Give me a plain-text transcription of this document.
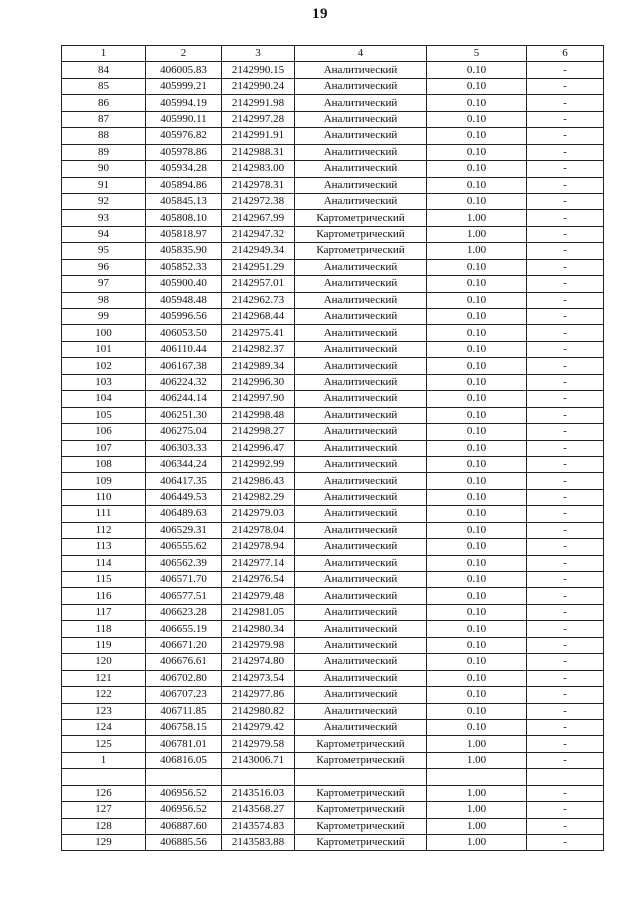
19
1	2	3	4	5	6
84	406005.83	2142990.15	Аналитический	0.10	-
85	405999.21	2142990.24	Аналитический	0.10	-
86	405994.19	2142991.98	Аналитический	0.10	-
87	405990.11	2142997.28	Аналитический	0.10	-
88	405976.82	2142991.91	Аналитический	0.10	-
89	405978.86	2142988.31	Аналитический	0.10	-
90	405934.28	2142983.00	Аналитический	0.10	-
91	405894.86	2142978.31	Аналитический	0.10	-
92	405845.13	2142972.38	Аналитический	0.10	-
93	405808.10	2142967.99	Картометрический	1.00	-
94	405818.97	2142947.32	Картометрический	1.00	-
95	405835.90	2142949.34	Картометрический	1.00	-
96	405852.33	2142951.29	Аналитический	0.10	-
97	405900.40	2142957.01	Аналитический	0.10	-
98	405948.48	2142962.73	Аналитический	0.10	-
99	405996.56	2142968.44	Аналитический	0.10	-
100	406053.50	2142975.41	Аналитический	0.10	-
101	406110.44	2142982.37	Аналитический	0.10	-
102	406167.38	2142989.34	Аналитический	0.10	-
103	406224.32	2142996.30	Аналитический	0.10	-
104	406244.14	2142997.90	Аналитический	0.10	-
105	406251.30	2142998.48	Аналитический	0.10	-
106	406275.04	2142998.27	Аналитический	0.10	-
107	406303.33	2142996.47	Аналитический	0.10	-
108	406344.24	2142992.99	Аналитический	0.10	-
109	406417.35	2142986.43	Аналитический	0.10	-
110	406449.53	2142982.29	Аналитический	0.10	-
111	406489.63	2142979.03	Аналитический	0.10	-
112	406529.31	2142978.04	Аналитический	0.10	-
113	406555.62	2142978.94	Аналитический	0.10	-
114	406562.39	2142977.14	Аналитический	0.10	-
115	406571.70	2142976.54	Аналитический	0.10	-
116	406577.51	2142979.48	Аналитический	0.10	-
117	406623.28	2142981.05	Аналитический	0.10	-
118	406655.19	2142980.34	Аналитический	0.10	-
119	406671.20	2142979.98	Аналитический	0.10	-
120	406676.61	2142974.80	Аналитический	0.10	-
121	406702.80	2142973.54	Аналитический	0.10	-
122	406707.23	2142977.86	Аналитический	0.10	-
123	406711.85	2142980.82	Аналитический	0.10	-
124	406758.15	2142979.42	Аналитический	0.10	-
125	406781.01	2142979.58	Картометрический	1.00	-
1	406816.05	2143006.71	Картометрический	1.00	-

126	406956.52	2143516.03	Картометрический	1.00	-
127	406956.52	2143568.27	Картометрический	1.00	-
128	406887.60	2143574.83	Картометрический	1.00	-
129	406885.56	2143583.88	Картометрический	1.00	-
